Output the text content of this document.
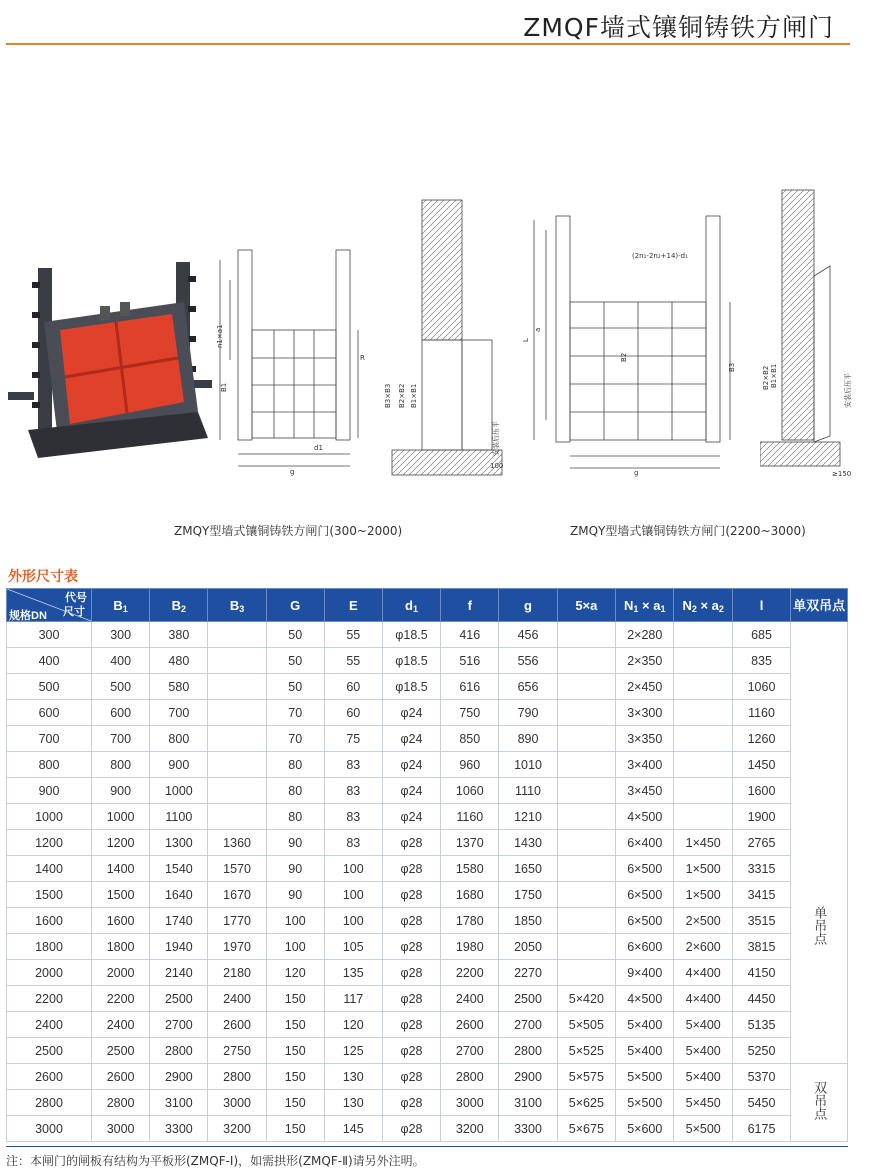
ZMQF墙式镶铜铸铁方闸门
n1×a1
B1
R
d1
g
B3×B3 B2×B2 B1×B1
安装后压平
100
(2n₁-2n₂+14)-d₁
L
a
B2
B3
g
B2×B2 B1×B1	安装后压平
≥150
ZMQY型墙式镶铜铸铁方闸门(300~2000)	ZMQY型墙式镶铜铸铁方闸门(2200~3000)
外形尺寸表
代号
尺寸
规格DN	$B_1$	$B_2$	$B_3$	G	E	$d_1$	f	g	5×a	$N_1 \times a_1$	$N_2 \times a_2$	l	单双吊点
300	300	380		50	55	φ18.5	416	456		2×280		685	单吊点
400	400	480		50	55	φ18.5	516	556		2×350		835	
500	500	580		50	60	φ18.5	616	656		2×450		1060	
600	600	700		70	60	φ24	750	790		3×300		1160	
700	700	800		70	75	φ24	850	890		3×350		1260	
800	800	900		80	83	φ24	960	1010		3×400		1450	
900	900	1000		80	83	φ24	1060	1110		3×450		1600	
1000	1000	1100		80	83	φ24	1160	1210		4×500		1900	
1200	1200	1300	1360	90	83	φ28	1370	1430		6×400	1×450	2765	
1400	1400	1540	1570	90	100	φ28	1580	1650		6×500	1×500	3315	
1500	1500	1640	1670	90	100	φ28	1680	1750		6×500	1×500	3415	
1600	1600	1740	1770	100	100	φ28	1780	1850		6×500	2×500	3515	
1800	1800	1940	1970	100	105	φ28	1980	2050		6×600	2×600	3815	
2000	2000	2140	2180	120	135	φ28	2200	2270		9×400	4×400	4150	
2200	2200	2500	2400	150	117	φ28	2400	2500	5×420	4×500	4×400	4450	
2400	2400	2700	2600	150	120	φ28	2600	2700	5×505	5×400	5×400	5135	
2500	2500	2800	2750	150	125	φ28	2700	2800	5×525	5×400	5×400	5250	
2600	2600	2900	2800	150	130	φ28	2800	2900	5×575	5×500	5×400	5370	双吊点
2800	2800	3100	3000	150	130	φ28	3000	3100	5×625	5×500	5×450	5450	
3000	3000	3300	3200	150	145	φ28	3200	3300	5×675	5×600	5×500	6175	
注：本闸门的闸板有结构为平板形(ZMQF-Ⅰ)，如需拱形(ZMQF-Ⅱ)请另外注明。
